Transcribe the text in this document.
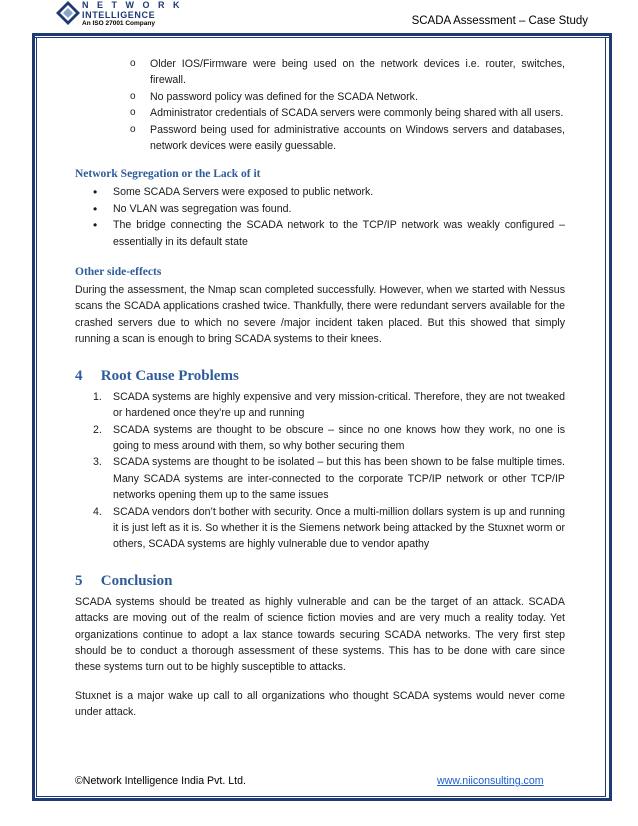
N E T W O R K
INTELLIGENCE
An ISO 27001 Company	SCADA Assessment – Case Study
o Older IOS/Firmware were being used on the network devices i.e. router, switches, firewall.
o No password policy was defined for the SCADA Network.
o Administrator credentials of SCADA servers were commonly being shared with all users.
o Password being used for administrative accounts on Windows servers and databases, network devices were easily guessable.
Network Segregation or the Lack of it
• Some SCADA Servers were exposed to public network.
• No VLAN was segregation was found.
• The bridge connecting the SCADA network to the TCP/IP network was weakly configured – essentially in its default state
Other side-effects

During the assessment, the Nmap scan completed successfully. However, when we started with Nessus scans the SCADA applications crashed twice. Thankfully, there were redundant servers available for the crashed servers due to which no severe /major incident taken placed. But this showed that simply running a scan is enough to bring SCADA systems to their knees.

4 Root Cause Problems
1. SCADA systems are highly expensive and very mission-critical. Therefore, they are not tweaked or hardened once they’re up and running
2. SCADA systems are thought to be obscure – since no one knows how they work, no one is going to mess around with them, so why bother securing them
3. SCADA systems are thought to be isolated – but this has been shown to be false multiple times. Many SCADA systems are inter-connected to the corporate TCP/IP network or other TCP/IP networks opening them up to the same issues
4. SCADA vendors don’t bother with security. Once a multi-million dollars system is up and running it is just left as it is. So whether it is the Siemens network being attacked by the Stuxnet worm or others, SCADA systems are highly vulnerable due to vendor apathy
5 Conclusion

SCADA systems should be treated as highly vulnerable and can be the target of an attack. SCADA attacks are moving out of the realm of science fiction movies and are very much a reality today. Yet organizations continue to adopt a lax stance towards securing SCADA networks. The very first step should be to conduct a thorough assessment of these systems. This has to be done with care since these systems turn out to be highly susceptible to attacks.

Stuxnet is a major wake up call to all organizations who thought SCADA systems would never come under attack.

©Network Intelligence India Pvt. Ltd.	www.niiconsulting.com
